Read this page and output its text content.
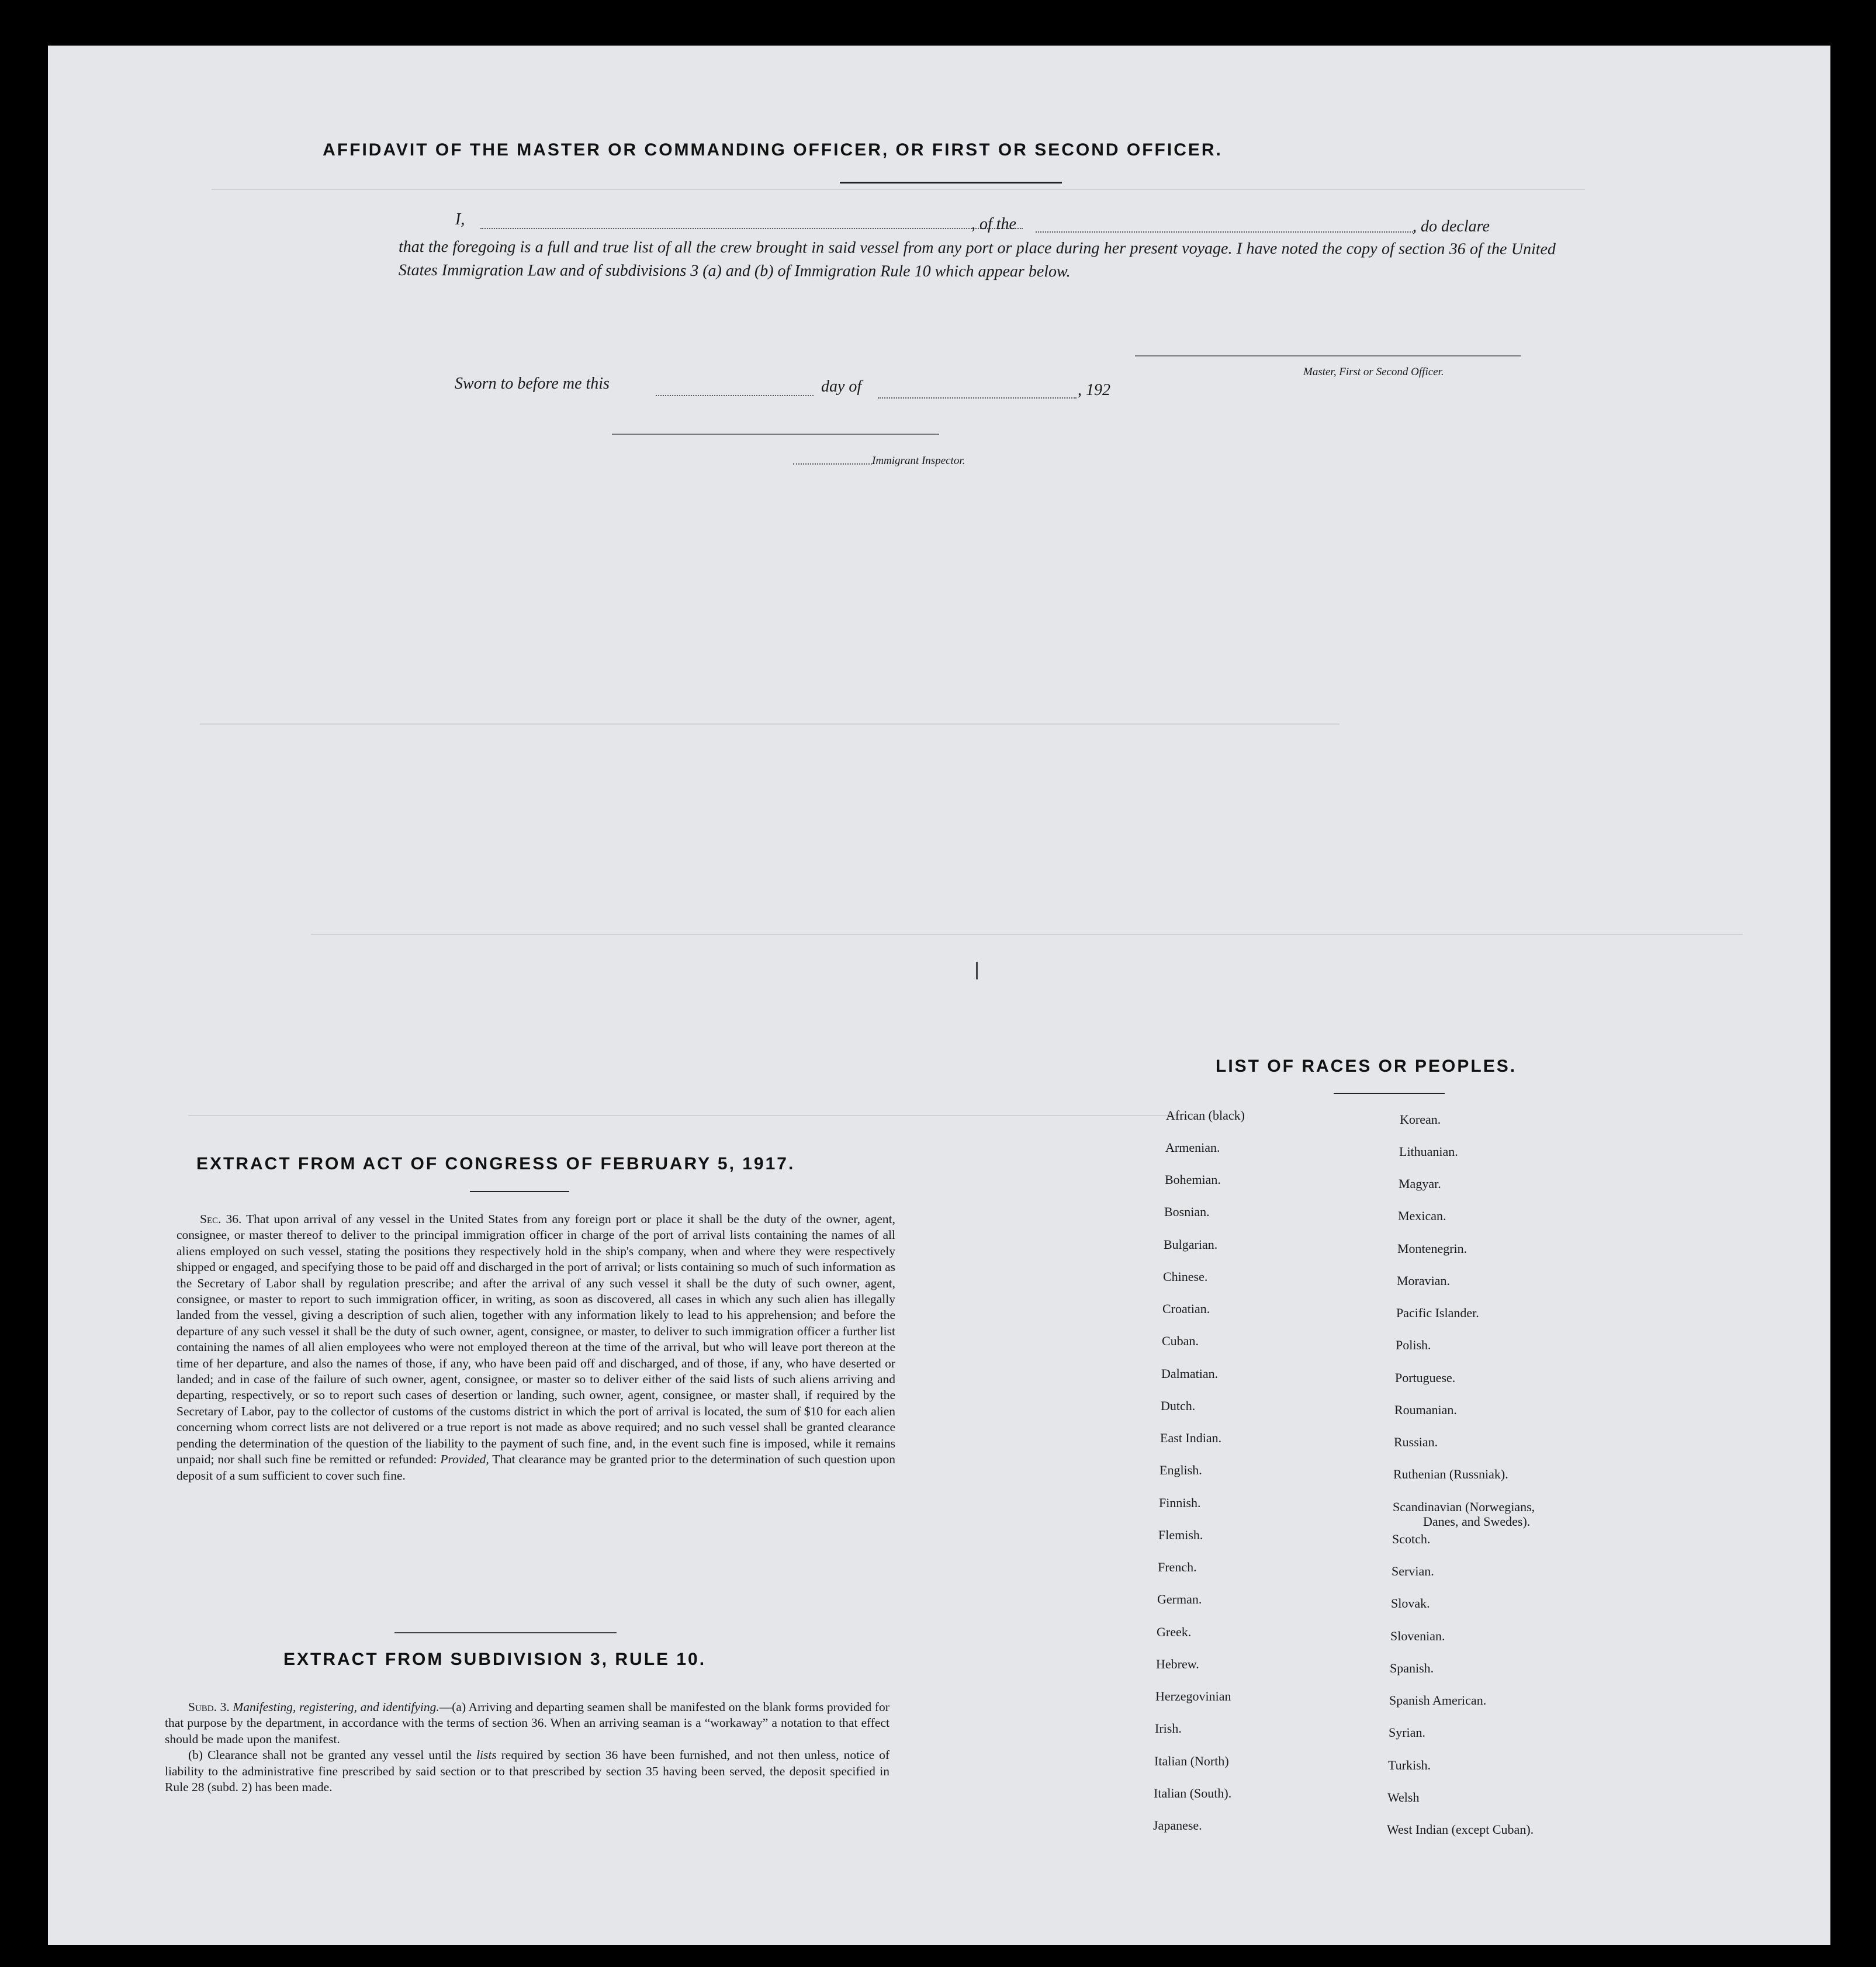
AFFIDAVIT OF THE MASTER OR COMMANDING OFFICER, OR FIRST OR SECOND OFFICER.
I,	, of the	, do declare
that the foregoing is a full and true list of all the crew brought in said vessel from any port or place during her present voyage. I have noted the copy of section 36 of the United States Immigration Law and of subdivisions 3 (a) and (b) of Immigration Rule 10 which appear below.
Master, First or Second Officer.
Sworn to before me this	day of	, 192
Immigrant Inspector.
EXTRACT FROM ACT OF CONGRESS OF FEBRUARY 5, 1917.

Sec. 36. That upon arrival of any vessel in the United States from any foreign port or place it shall be the duty of the owner, agent, consignee, or master thereof to deliver to the principal immigration officer in charge of the port of arrival lists containing the names of all aliens employed on such vessel, stating the positions they respectively hold in the ship's company, when and where they were respectively shipped or engaged, and specifying those to be paid off and discharged in the port of arrival; or lists containing so much of such information as the Secretary of Labor shall by regulation prescribe; and after the arrival of any such vessel it shall be the duty of such owner, agent, consignee, or master to report to such immigration officer, in writing, as soon as discovered, all cases in which any such alien has illegally landed from the vessel, giving a description of such alien, together with any information likely to lead to his apprehension; and before the departure of any such vessel it shall be the duty of such owner, agent, consignee, or master, to deliver to such immigration officer a further list containing the names of all alien employees who were not employed thereon at the time of the arrival, but who will leave port thereon at the time of her departure, and also the names of those, if any, who have been paid off and discharged, and of those, if any, who have deserted or landed; and in case of the failure of such owner, agent, consignee, or master so to deliver either of the said lists of such aliens arriving and departing, respectively, or so to report such cases of desertion or landing, such owner, agent, consignee, or master shall, if required by the Secretary of Labor, pay to the collector of customs of the customs district in which the port of arrival is located, the sum of $10 for each alien concerning whom correct lists are not delivered or a true report is not made as above required; and no such vessel shall be granted clearance pending the determination of the question of the liability to the payment of such fine, and, in the event such fine is imposed, while it remains unpaid; nor shall such fine be remitted or refunded: Provided, That clearance may be granted prior to the determination of such question upon deposit of a sum sufficient to cover such fine.

EXTRACT FROM SUBDIVISION 3, RULE 10.

Subd. 3. Manifesting, registering, and identifying.—(a) Arriving and departing seamen shall be manifested on the blank forms provided for that purpose by the department, in accordance with the terms of section 36. When an arriving seaman is a “workaway” a notation to that effect should be made upon the manifest.

(b) Clearance shall not be granted any vessel until the lists required by section 36 have been furnished, and not then unless, notice of liability to the administrative fine prescribed by said section or to that prescribed by section 35 having been served, the deposit specified in Rule 28 (subd. 2) has been made.

LIST OF RACES OR PEOPLES.
African (black)
Armenian.
Bohemian.
Bosnian.
Bulgarian.
Chinese.
Croatian.
Cuban.
Dalmatian.
Dutch.
East Indian.
English.
Finnish.
Flemish.
French.
German.
Greek.
Hebrew.
Herzegovinian
Irish.
Italian (North)
Italian (South).
Japanese.
Korean.
Lithuanian.
Magyar.
Mexican.
Montenegrin.
Moravian.
Pacific Islander.
Polish.
Portuguese.
Roumanian.
Russian.
Ruthenian (Russniak).
Scandinavian (Norwegians,
Danes, and Swedes).
Scotch.
Servian.
Slovak.
Slovenian.
Spanish.
Spanish American.
Syrian.
Turkish.
Welsh
West Indian (except Cuban).
